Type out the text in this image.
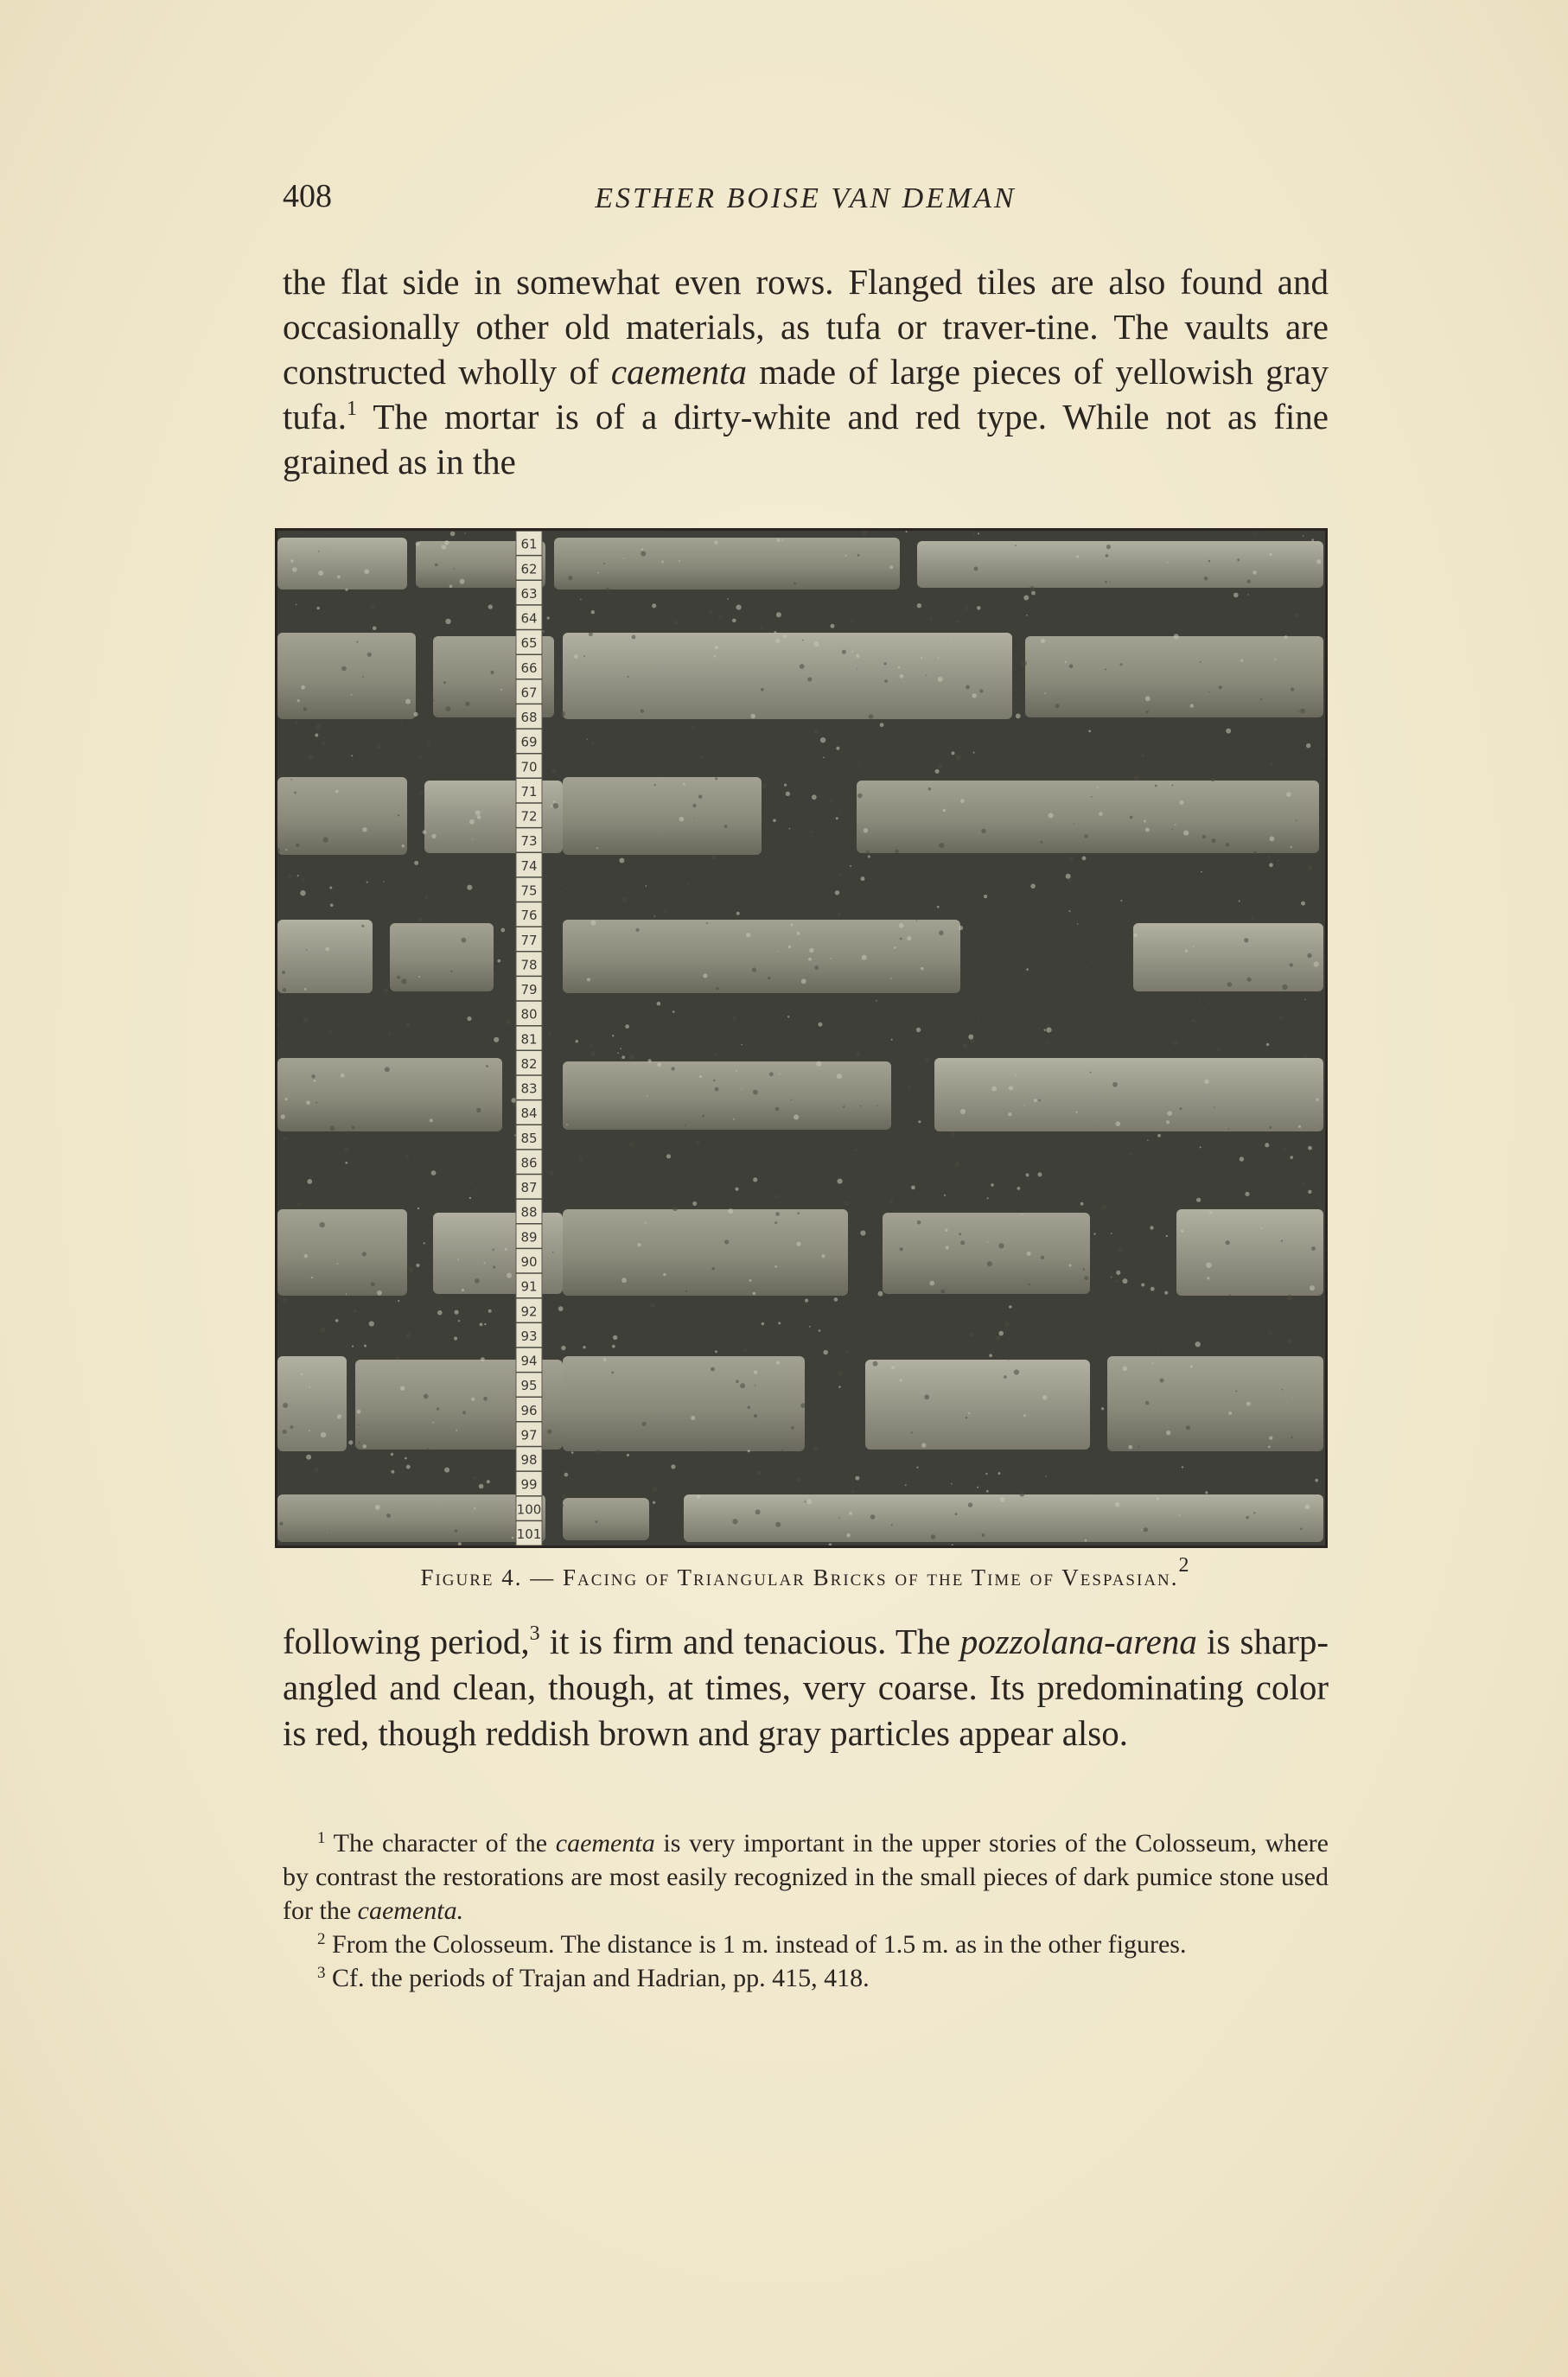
408	ESTHER BOISE VAN DEMAN

the flat side in somewhat even rows. Flanged tiles are also found and occasionally other old materials, as tufa or traver-tine. The vaults are constructed wholly of caementa made of large pieces of yellowish gray tufa.$^1$ The mortar is of a dirty-white and red type. While not as fine grained as in the

61
62
63
64
65
66
67
68
69
70
71
72
73
74
75
76
77
78
79
80
81
82
83
84
85
86
87
88
89
90
91
92
93
94
95
96
97
98
99
100
101
Figure 4. — Facing of Triangular Bricks of the Time of Vespasian.$^2$

following period,$^3$ it is firm and tenacious. The pozzolana-arena is sharp-angled and clean, though, at times, very coarse. Its predominating color is red, though reddish brown and gray particles appear also.

$^1$ The character of the caementa is very important in the upper stories of the Colosseum, where by contrast the restorations are most easily recognized in the small pieces of dark pumice stone used for the caementa.

$^2$ From the Colosseum. The distance is 1 m. instead of 1.5 m. as in the other figures.

$^3$ Cf. the periods of Trajan and Hadrian, pp. 415, 418.
